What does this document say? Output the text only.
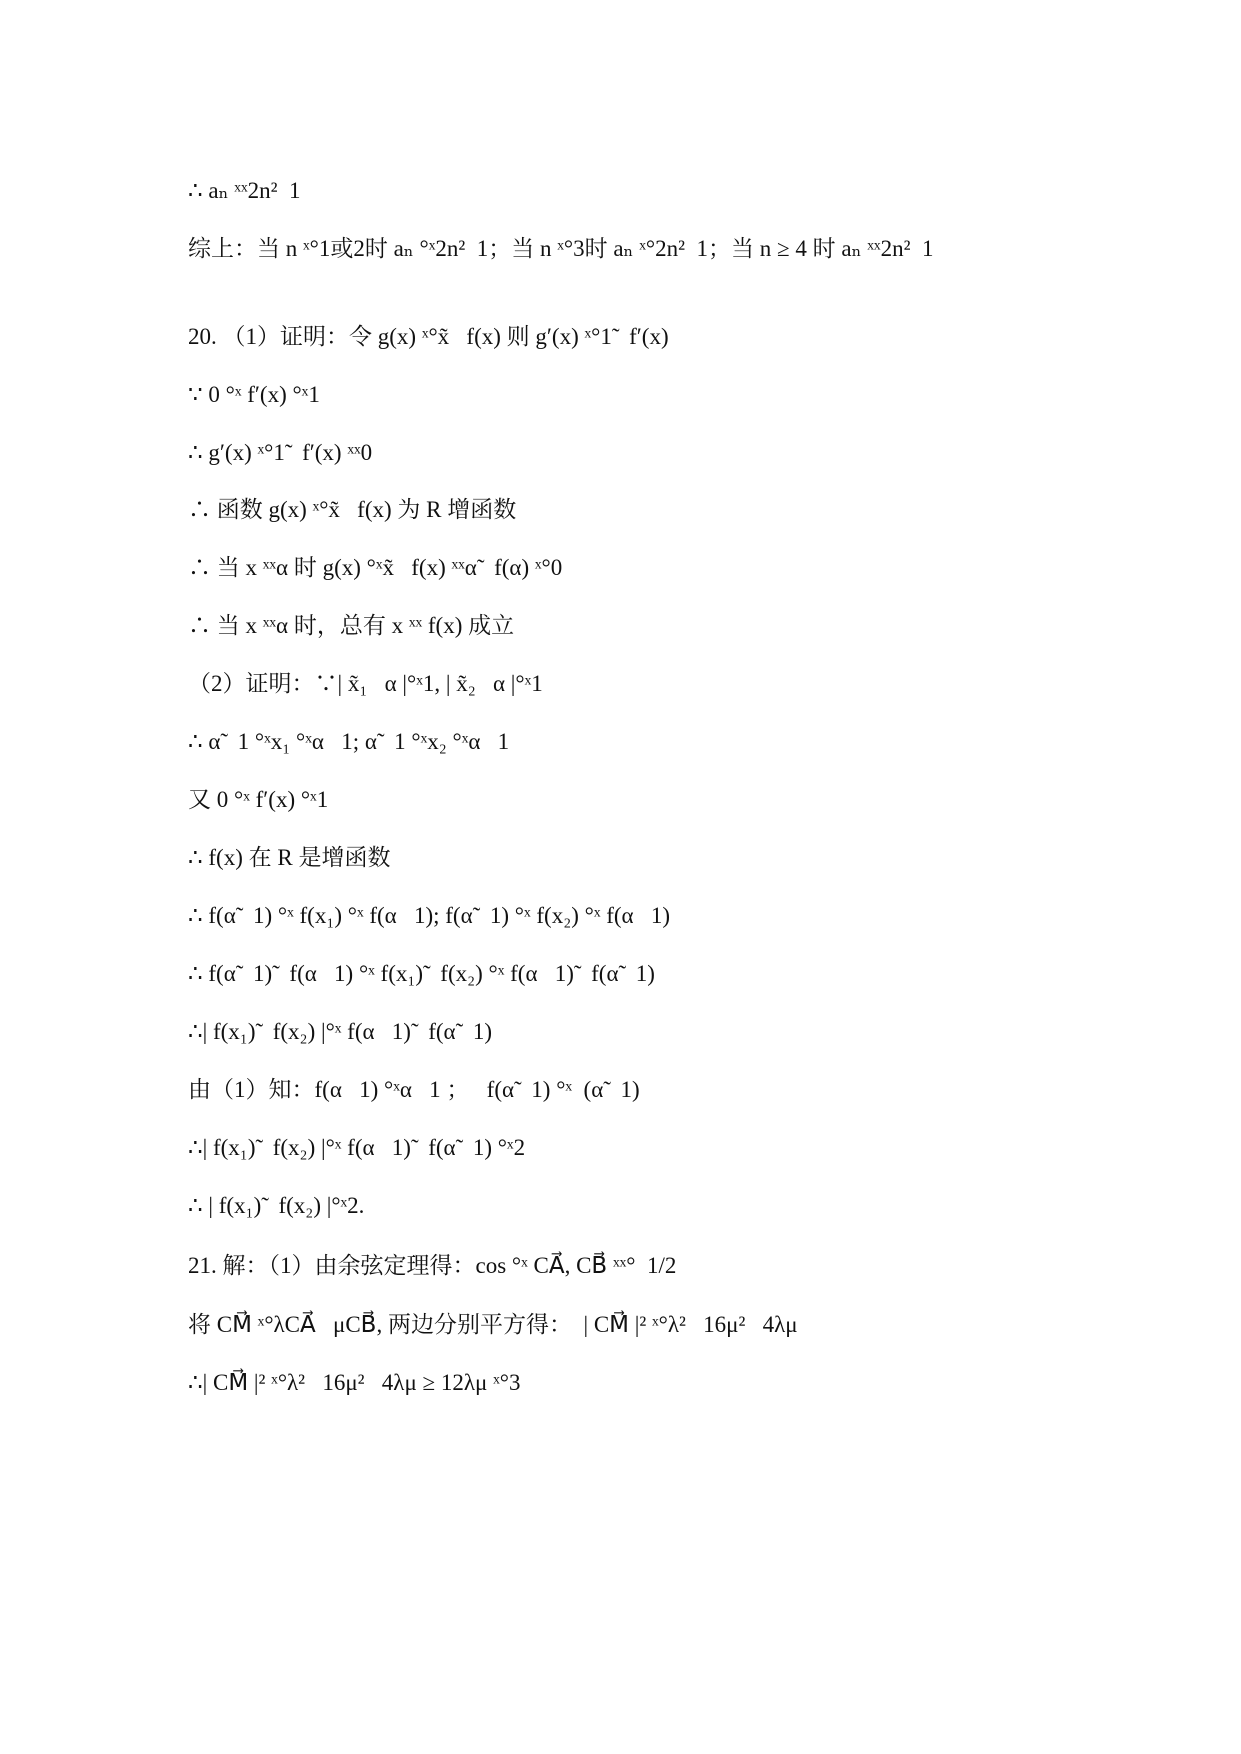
∴ aₙ ˣˣ2n²  1
综上：当 n ˣ°1或2时 aₙ °ˣ2n²  1；当 n ˣ°3时 aₙ ˣ°2n²  1；当 n ≥ 4 时 aₙ ˣˣ2n²  1
20. （1）证明：令 g(x) ˣ°x̃   f(x) 则 g′(x) ˣ°1̃   f′(x)
∵ 0 °ˣ f′(x) °ˣ1
∴ g′(x) ˣ°1̃   f′(x) ˣˣ0
∴ 函数 g(x) ˣ°x̃   f(x) 为 R 增函数
∴ 当 x ˣˣα 时 g(x) °ˣx̃   f(x) ˣˣα̃   f(α) ˣ°0
∴ 当 x ˣˣα 时，总有 x ˣˣ f(x) 成立
（2）证明：∵| x̃₁   α |°ˣ1, | x̃₂   α |°ˣ1
∴ α̃   1 °ˣx₁ °ˣα   1; α̃   1 °ˣx₂ °ˣα   1
又 0 °ˣ f′(x) °ˣ1
∴ f(x) 在 R 是增函数
∴ f(α̃   1) °ˣ f(x₁) °ˣ f(α   1); f(α̃   1) °ˣ f(x₂) °ˣ f(α   1)
∴ f(α̃   1)̃   f(α   1) °ˣ f(x₁)̃   f(x₂) °ˣ f(α   1)̃   f(α̃   1)
∴| f(x₁)̃   f(x₂) |°ˣ f(α   1)̃   f(α̃   1)
由（1）知：f(α   1) °ˣα   1 ；   f(α̃   1) °ˣ  (α̃   1)
∴| f(x₁)̃   f(x₂) |°ˣ f(α   1)̃   f(α̃   1) °ˣ2
∴ | f(x₁)̃   f(x₂) |°ˣ2.
21. 解：（1）由余弦定理得：cos °ˣ CA⃗, CB⃗ ˣˣ°  1/2
将 CM⃗ ˣ°λCA⃗   μCB⃗, 两边分别平方得：  | CM⃗ |² ˣ°λ²   16μ²   4λμ
∴| CM⃗ |² ˣ°λ²   16μ²   4λμ ≥ 12λμ ˣ°3
